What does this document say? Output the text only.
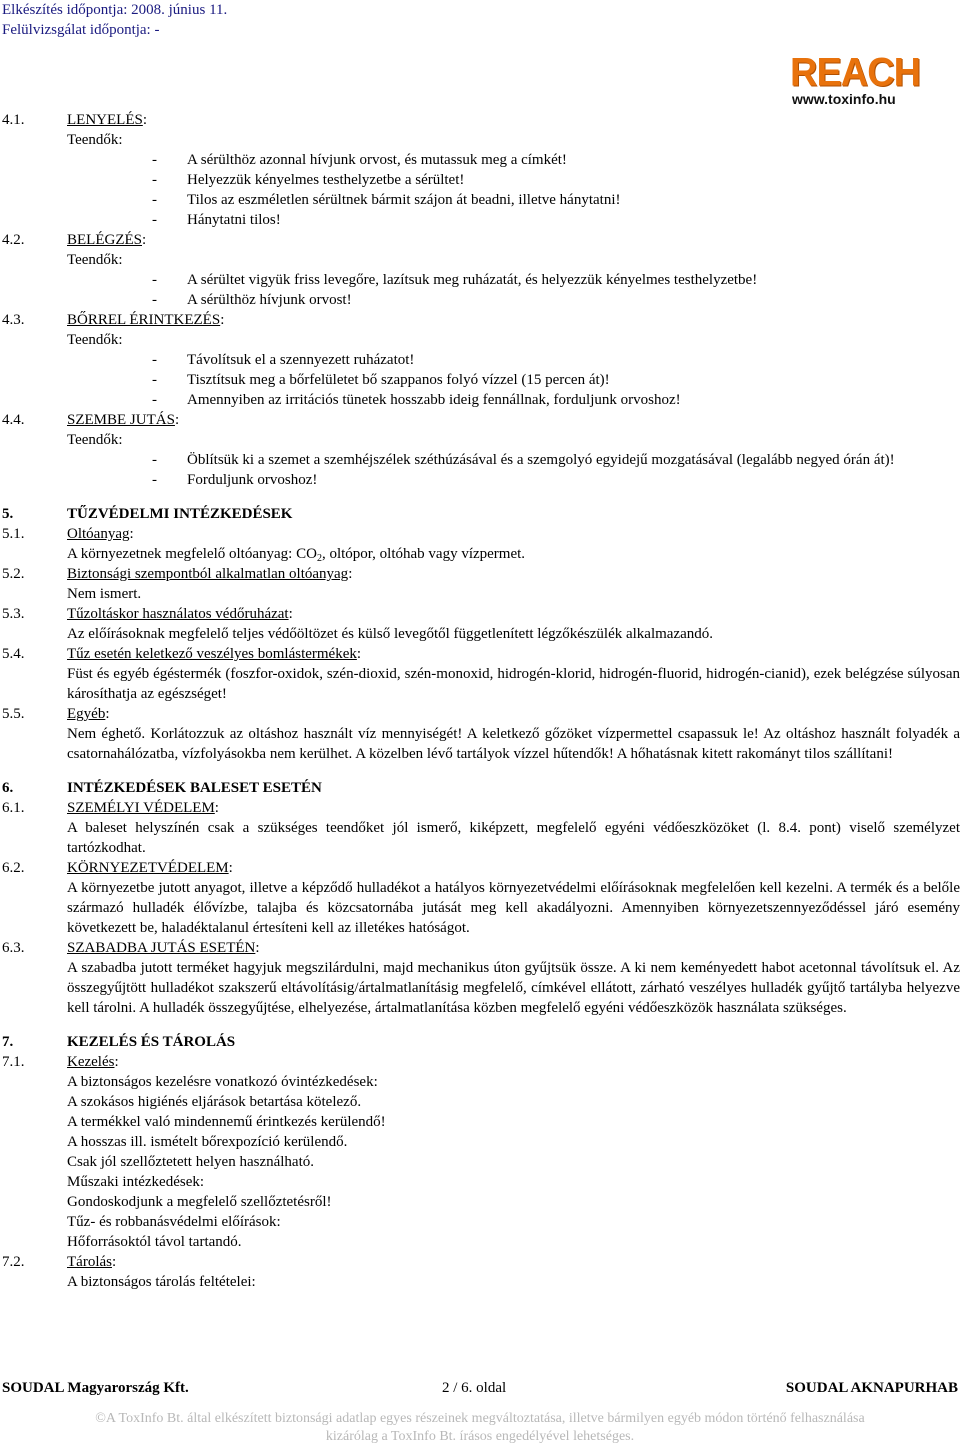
Elkészítés időpontja: 2008. június 11.
Felülvizsgálat időpontja: -
REACH
www.toxinfo.hu
4.1.	LENYELÉS:
Teendők:
- A sérülthöz azonnal hívjunk orvost, és mutassuk meg a címkét!
- Helyezzük kényelmes testhelyzetbe a sérültet!
- Tilos az eszméletlen sérültnek bármit szájon át beadni, illetve hánytatni!
- Hánytatni tilos!
4.2.	BELÉGZÉS:
Teendők:
- A sérültet vigyük friss levegőre, lazítsuk meg ruházatát, és helyezzük kényelmes testhelyzetbe!
- A sérülthöz hívjunk orvost!
4.3.	BŐRREL ÉRINTKEZÉS:
Teendők:
- Távolítsuk el a szennyezett ruházatot!
- Tisztítsuk meg a bőrfelületet bő szappanos folyó vízzel (15 percen át)!
- Amennyiben az irritációs tünetek hosszabb ideig fennállnak, forduljunk orvoshoz!
4.4.	SZEMBE JUTÁS:
Teendők:
- Öblítsük ki a szemet a szemhéjszélek széthúzásával és a szemgolyó egyidejű mozgatásával (legalább negyed órán át)!
- Forduljunk orvoshoz!
5.	TŰZVÉDELMI INTÉZKEDÉSEK
5.1.	Oltóanyag:
A környezetnek megfelelő oltóanyag: $CO_2$, oltópor, oltóhab vagy vízpermet.
5.2.	Biztonsági szempontból alkalmatlan oltóanyag:
Nem ismert.
5.3.	Tűzoltáskor használatos védőruházat:
Az előírásoknak megfelelő teljes védőöltözet és külső levegőtől függetlenített légzőkészülék alkalmazandó.
5.4.	Tűz esetén keletkező veszélyes bomlástermékek:
Füst és egyéb égéstermék (foszfor-oxidok, szén-dioxid, szén-monoxid, hidrogén-klorid, hidrogén-fluorid, hidrogén-cianid), ezek belégzése súlyosan károsíthatja az egészséget!
5.5.	Egyéb:
Nem éghető. Korlátozzuk az oltáshoz használt víz mennyiségét! A keletkező gőzöket vízpermettel csapassuk le! Az oltáshoz használt folyadék a csatornahálózatba, vízfolyásokba nem kerülhet. A közelben lévő tartályok vízzel hűtendők! A hőhatásnak kitett rakományt tilos szállítani!
6.	INTÉZKEDÉSEK BALESET ESETÉN
6.1.	SZEMÉLYI VÉDELEM:
A baleset helyszínén csak a szükséges teendőket jól ismerő, kiképzett, megfelelő egyéni védőeszközöket (l. 8.4. pont) viselő személyzet tartózkodhat.
6.2.	KÖRNYEZETVÉDELEM:
A környezetbe jutott anyagot, illetve a képződő hulladékot a hatályos környezetvédelmi előírásoknak megfelelően kell kezelni. A termék és a belőle származó hulladék élővízbe, talajba és közcsatornába jutását meg kell akadályozni. Amennyiben környezetszennyeződéssel járó esemény következett be, haladéktalanul értesíteni kell az illetékes hatóságot.
6.3.	SZABADBA JUTÁS ESETÉN:
A szabadba jutott terméket hagyjuk megszilárdulni, majd mechanikus úton gyűjtsük össze. A ki nem keményedett habot acetonnal távolítsuk el. Az összegyűjtött hulladékot szakszerű eltávolításig/ártalmatlanításig megfelelő, címkével ellátott, zárható veszélyes hulladék gyűjtő tartályba helyezve kell tárolni. A hulladék összegyűjtése, elhelyezése, ártalmatlanítása közben megfelelő egyéni védőeszközök használata szükséges.
7.	KEZELÉS ÉS TÁROLÁS
7.1.	Kezelés:
A biztonságos kezelésre vonatkozó óvintézkedések:
A szokásos higiénés eljárások betartása kötelező.
A termékkel való mindennemű érintkezés kerülendő!
A hosszas ill. ismételt bőrexpozíció kerülendő.
Csak jól szellőztetett helyen használható.
Műszaki intézkedések:
Gondoskodjunk a megfelelő szellőztetésről!
Tűz- és robbanásvédelmi előírások:
Hőforrásoktól távol tartandó.
7.2.	Tárolás:
A biztonságos tárolás feltételei:
SOUDAL Magyarország Kft.	2 / 6. oldal	SOUDAL AKNAPURHAB
©A ToxInfo Bt. által elkészített biztonsági adatlap egyes részeinek megváltoztatása, illetve bármilyen egyéb módon történő felhasználása
kizárólag a ToxInfo Bt. írásos engedélyével lehetséges.
